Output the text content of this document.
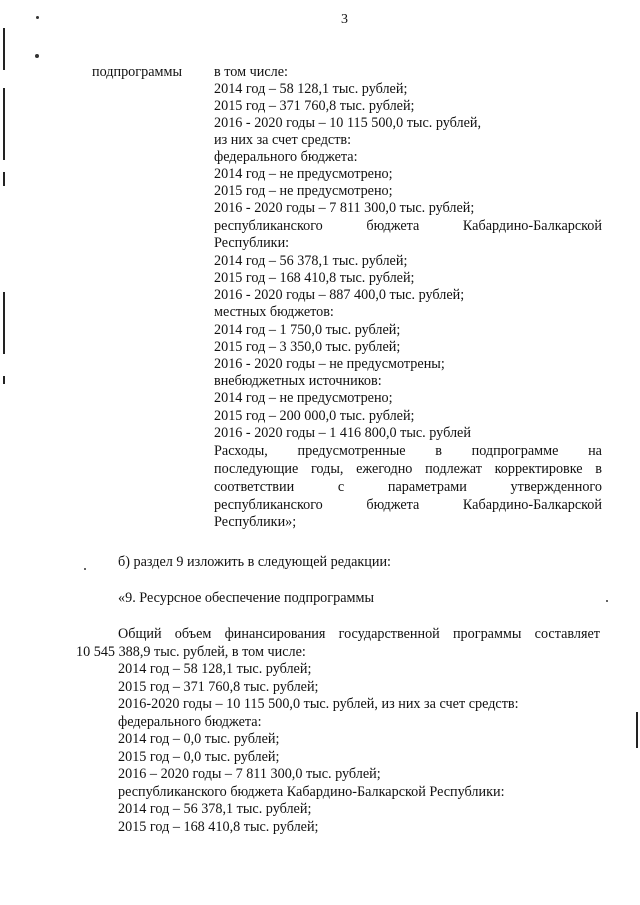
3
подпрограммы в том числе:
2014 год – 58 128,1 тыс. рублей;
2015 год – 371 760,8 тыс. рублей;
2016 - 2020 годы – 10 115 500,0 тыс. рублей,
из них за счет средств:
федерального бюджета:
2014 год – не предусмотрено;
2015 год – не предусмотрено;
2016 - 2020 годы – 7 811 300,0 тыс. рублей;
республиканского	бюджета	Кабардино-Балкарской
Республики:
2014 год – 56 378,1 тыс. рублей;
2015 год – 168 410,8 тыс. рублей;
2016 - 2020 годы – 887 400,0 тыс. рублей;
местных бюджетов:
2014 год – 1 750,0 тыс. рублей;
2015 год – 3 350,0 тыс. рублей;
2016 - 2020 годы – не предусмотрены;
внебюджетных источников:
2014 год – не предусмотрено;
2015 год – 200 000,0 тыс. рублей;
2016 - 2020 годы – 1 416 800,0 тыс. рублей
Расходы, предусмотренные в подпрограмме на
последующие годы, ежегодно подлежат корректировке в
соответствии	с	параметрами	утвержденного
республиканского	бюджета	Кабардино-Балкарской
Республики»;
б) раздел 9 изложить в следующей редакции:
«9. Ресурсное обеспечение подпрограммы
Общий объем финансирования государственной программы составляет
10 545 388,9 тыс. рублей, в том числе:
2014 год – 58 128,1 тыс. рублей;
2015 год – 371 760,8 тыс. рублей;
2016-2020 годы – 10 115 500,0 тыс. рублей, из них за счет средств:
федерального бюджета:
2014 год – 0,0 тыс. рублей;
2015 год – 0,0 тыс. рублей;
2016 – 2020 годы – 7 811 300,0 тыс. рублей;
республиканского бюджета Кабардино-Балкарской Республики:
2014 год – 56 378,1 тыс. рублей;
2015 год – 168 410,8 тыс. рублей;
